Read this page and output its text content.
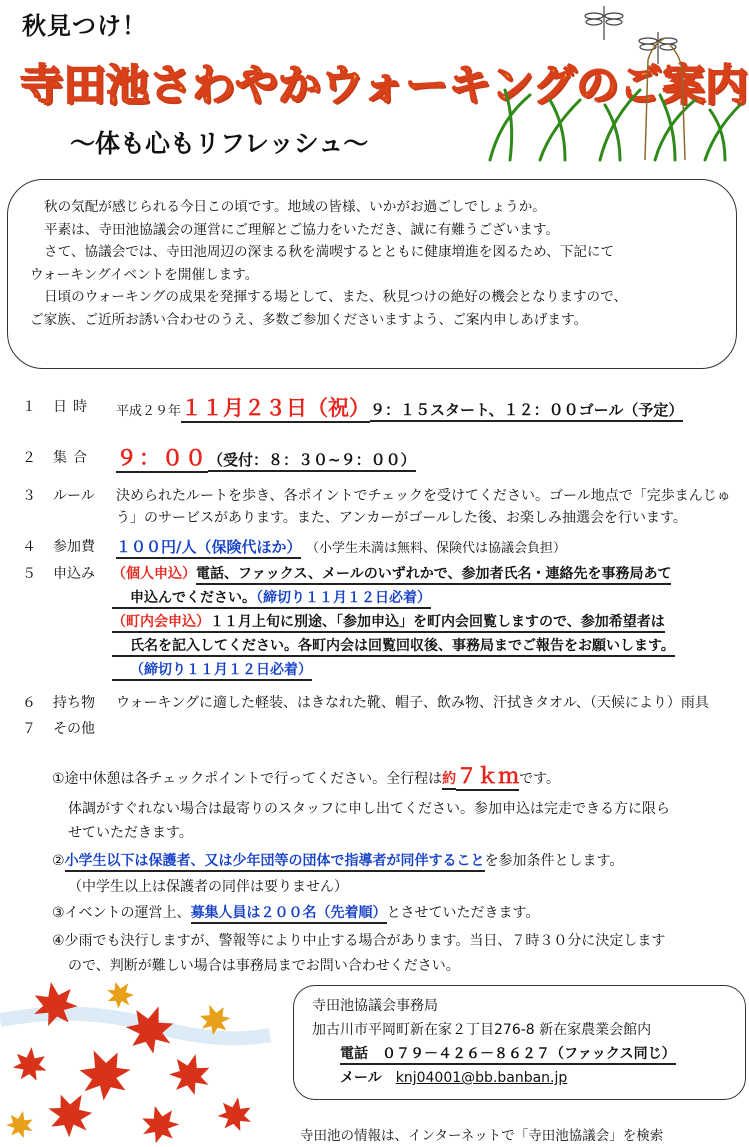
秋見つけ！
寺田池さわやかウォーキングのご案内
～体も心もリフレッシュ～

秋の気配が感じられる今日この頃です。地域の皆様、いかがお過ごしでしょうか。

平素は、寺田池協議会の運営にご理解とご協力をいただき、誠に有難うございます。

さて、協議会では、寺田池周辺の深まる秋を満喫するとともに健康増進を図るため、下記にて

ウォーキングイベントを開催します。

日頃のウォーキングの成果を発揮する場として、また、秋見つけの絶好の機会となりますので、

ご家族、ご近所お誘い合わせのうえ、多数ご参加くださいますよう、ご案内申しあげます。

１ 日時 平成２９年１１月２３日（祝）９：１５スタート、１２：００ゴール（予定）
２ 集合 ９：００（受付：８：３０~９：００）
３ ルール 決められたルートを歩き、各ポイントでチェックを受けてください。ゴール地点で「完歩まんじゅ
う」のサービスがあります。また、アンカーがゴールした後、お楽しみ抽選会を行います。
４ 参加費 １００円/人（保険代ほか） （小学生未満は無料、保険代は協議会負担）
５ 申込み （個人申込）電話、ファックス、メールのいずれかで、参加者氏名・連絡先を事務局あて
申込んでください。（締切り１１月１２日必着）
（町内会申込）１１月上旬に別途、「参加申込」を町内会回覧しますので、参加希望者は
氏名を記入してください。各町内会は回覧回収後、事務局までご報告をお願いします。
（締切り１１月１２日必着）
６ 持ち物 ウォーキングに適した軽装、はきなれた靴、帽子、飲み物、汗拭きタオル、（天候により）雨具
７ その他
①途中休憩は各チェックポイントで行ってください。全行程は約７ｋｍです。
体調がすぐれない場合は最寄りのスタッフに申し出てください。参加申込は完走できる方に限ら
せていただきます。
②小学生以下は保護者、又は少年団等の団体で指導者が同伴することを参加条件とします。
（中学生以上は保護者の同伴は要りません）
③イベントの運営上、募集人員は２００名（先着順）とさせていただきます。
④少雨でも決行しますが、警報等により中止する場合があります。当日、７時３０分に決定します
ので、判断が難しい場合は事務局までお問い合わせください。
寺田池協議会事務局
加古川市平岡町新在家２丁目276-8 新在家農業会館内
電話　０７９－４２６－８６２７（ファックス同じ）
メール　 knj04001@bb.banban.jp
寺田池の情報は、インターネットで「寺田池協議会」を検索
